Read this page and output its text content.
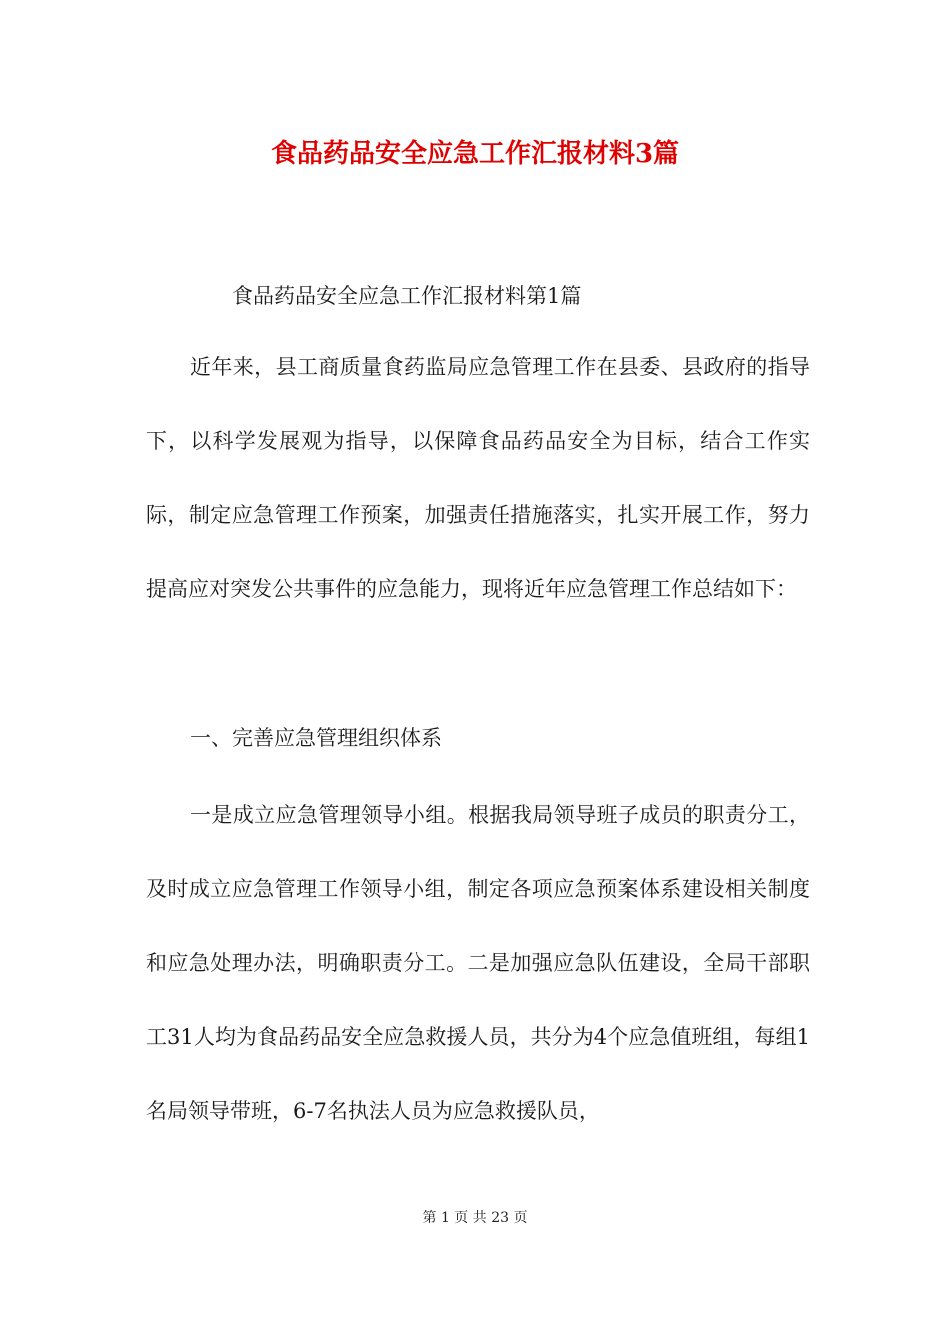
食品药品安全应急工作汇报材料3篇
食品药品安全应急工作汇报材料第1篇
近年来，县工商质量食药监局应急管理工作在县委、县政府的指导下，以科学发展观为指导，以保障食品药品安全为目标，结合工作实际，制定应急管理工作预案，加强责任措施落实，扎实开展工作，努力提高应对突发公共事件的应急能力，现将近年应急管理工作总结如下：
一、完善应急管理组织体系
一是成立应急管理领导小组。根据我局领导班子成员的职责分工，及时成立应急管理工作领导小组，制定各项应急预案体系建设相关制度和应急处理办法，明确职责分工。二是加强应急队伍建设，全局干部职工31人均为食品药品安全应急救援人员，共分为4个应急值班组，每组1名局领导带班，6-7名执法人员为应急救援队员，
第 1 页 共 23 页
